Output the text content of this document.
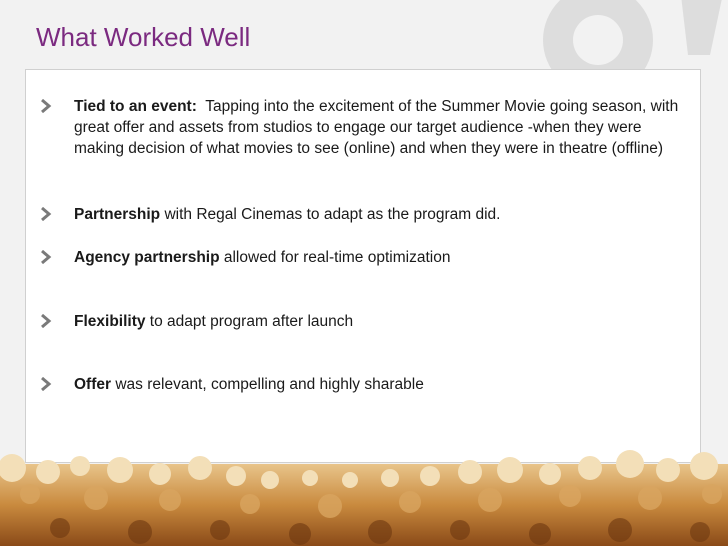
What Worked Well
Tied to an event:  Tapping into the excitement of the Summer Movie going season, with great offer and assets from studios to engage our target audience -when they were making decision of what movies to see (online) and when they were in theatre (offline)
Partnership with Regal Cinemas to adapt as the program did.
Agency partnership allowed for real-time optimization
Flexibility to adapt program after launch
Offer was relevant, compelling and highly sharable
